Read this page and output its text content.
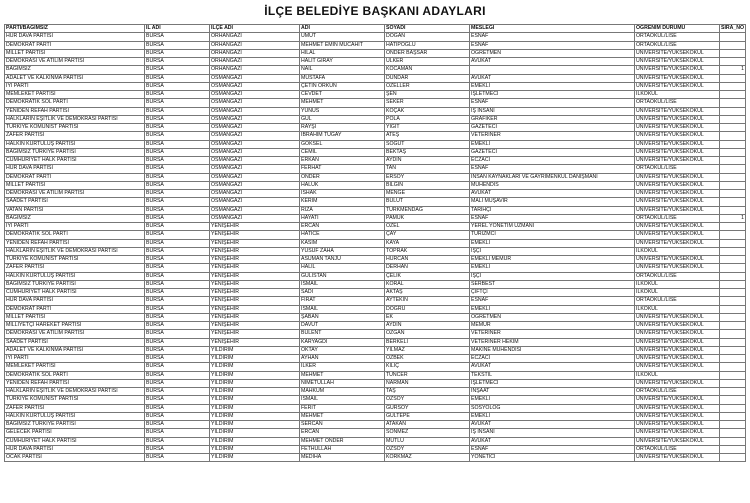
İLÇE BELEDİYE BAŞKANI ADAYLARI
PARTİ/BAĞIMSIZ	İL ADI	İLÇE ADI	ADI	SOYADI	MESLEĞİ	ÖĞRENİM DURUMU	SIRA_NO
HÜR DAVA PARTİSİ	BURSA	ORHANGAZİ	UMUT	DOĞAN	ESNAF	ORTAOKUL/LİSE	
DEMOKRAT PARTİ	BURSA	ORHANGAZİ	MEHMET EMİN MÜCAHİT	HATİPOĞLU	ESNAF	ORTAOKUL/LİSE	
MİLLET PARTİSİ	BURSA	ORHANGAZİ	HİLAL	ÖNDER BAŞSAR	ÖĞRETMEN	ÜNİVERSİTE/YÜKSEKOKUL	
DEMOKRASİ VE ATILIM PARTİSİ	BURSA	ORHANGAZİ	HALİT GİRAY	ÜLKER	AVUKAT	ÜNİVERSİTE/YÜKSEKOKUL	
BAĞIMSIZ	BURSA	ORHANGAZİ	NAİL	KOCAMAN		ÜNİVERSİTE/YÜKSEKOKUL	1
ADALET VE KALKINMA PARTİSİ	BURSA	OSMANGAZİ	MUSTAFA	DÜNDAR	AVUKAT	ÜNİVERSİTE/YÜKSEKOKUL	
İYİ PARTİ	BURSA	OSMANGAZİ	ÇETİN ORKUN	ÖZELLER	EMEKLİ	ÜNİVERSİTE/YÜKSEKOKUL	
MEMLEKET PARTİSİ	BURSA	OSMANGAZİ	CEVDET	ŞEN	İŞLETMECİ	İLKOKUL	
DEMOKRATİK SOL PARTİ	BURSA	OSMANGAZİ	MEHMET	SEKER	ESNAF	ORTAOKUL/LİSE	
YENİDEN REFAH PARTİSİ	BURSA	OSMANGAZİ	YUNUS	KOÇAK	İŞ İNSANI	ÜNİVERSİTE/YÜKSEKOKUL	
HALKLARIN EŞİTLİK VE DEMOKRASİ PARTİSİ	BURSA	OSMANGAZİ	GÜL	POLA	GRAFİKER	ÜNİVERSİTE/YÜKSEKOKUL	
TÜRKİYE KOMÜNİST PARTİSİ	BURSA	OSMANGAZİ	RAYŞİ	YİĞİT	GAZETECİ	ÜNİVERSİTE/YÜKSEKOKUL	
ZAFER PARTİSİ	BURSA	OSMANGAZİ	İBRAHİM TUGAY	ATEŞ	VETERİNER	ÜNİVERSİTE/YÜKSEKOKUL	
HALKIN KURTULUŞ PARTİSİ	BURSA	OSMANGAZİ	GÖKSEL	SÖĞÜT	EMEKLİ	ÜNİVERSİTE/YÜKSEKOKUL	
BAĞIMSIZ TÜRKİYE PARTİSİ	BURSA	OSMANGAZİ	CEMİL	BEKTAŞ	GAZETECİ	ÜNİVERSİTE/YÜKSEKOKUL	
CUMHURİYET HALK PARTİSİ	BURSA	OSMANGAZİ	ERKAN	AYDIN	ECZACI	ÜNİVERSİTE/YÜKSEKOKUL	
HÜR DAVA PARTİSİ	BURSA	OSMANGAZİ	FERHAT	TAN	ESNAF	ORTAOKUL/LİSE	
DEMOKRAT PARTİ	BURSA	OSMANGAZİ	ÖNDER	ERSOY	İNSAN KAYNAKLARI VE GAYRİMENKUL DANIŞMANI	ÜNİVERSİTE/YÜKSEKOKUL	
MİLLET PARTİSİ	BURSA	OSMANGAZİ	HALUK	BİLGİN	MÜHENDİS	ÜNİVERSİTE/YÜKSEKOKUL	
DEMOKRASİ VE ATILIM PARTİSİ	BURSA	OSMANGAZİ	İSHAK	MENGE	AVUKAT	ÜNİVERSİTE/YÜKSEKOKUL	
SAADET PARTİSİ	BURSA	OSMANGAZİ	KERİM	BULUT	MALİ MÜŞAVİR	ÜNİVERSİTE/YÜKSEKOKUL	
VATAN PARTİSİ	BURSA	OSMANGAZİ	RIZA	TÜRKMENDAĞ	TARİHÇİ	ÜNİVERSİTE/YÜKSEKOKUL	
BAĞIMSIZ	BURSA	OSMANGAZİ	HAYATİ	PAMUK	ESNAF	ORTAOKUL/LİSE	1
İYİ PARTİ	BURSA	YENİŞEHİR	ERCAN	ÖZEL	YEREL YÖNETİM UZMANI	ÜNİVERSİTE/YÜKSEKOKUL	
DEMOKRATİK SOL PARTİ	BURSA	YENİŞEHİR	HATİCE	ÇAY	TURİZMCİ	ÜNİVERSİTE/YÜKSEKOKUL	
YENİDEN REFAH PARTİSİ	BURSA	YENİŞEHİR	KASIM	KAYA	EMEKLİ	ÜNİVERSİTE/YÜKSEKOKUL	
HALKLARIN EŞİTLİK VE DEMOKRASİ PARTİSİ	BURSA	YENİŞEHİR	YUSUF ZAHA	TOPRAK	İŞÇİ	İLKOKUL	
TÜRKİYE KOMÜNİST PARTİSİ	BURSA	YENİŞEHİR	ASUMAN TANJU	HÜRCAN	EMEKLİ MEMUR	ÜNİVERSİTE/YÜKSEKOKUL	
ZAFER PARTİSİ	BURSA	YENİŞEHİR	HALİL	DERHAN	EMEKLİ	ÜNİVERSİTE/YÜKSEKOKUL	
HALKIN KURTULUŞ PARTİSİ	BURSA	YENİŞEHİR	GÜLİSTAN	ÇELİK	İŞÇİ	ORTAOKUL/LİSE	
BAĞIMSIZ TÜRKİYE PARTİSİ	BURSA	YENİŞEHİR	İSMAİL	KORAL	SERBEST	İLKOKUL	
CUMHURİYET HALK PARTİSİ	BURSA	YENİŞEHİR	SADİ	AKTAŞ	ÇİFTÇİ	İLKOKUL	
HÜR DAVA PARTİSİ	BURSA	YENİŞEHİR	FIRAT	AYTEKİN	ESNAF	ORTAOKUL/LİSE	
DEMOKRAT PARTİ	BURSA	YENİŞEHİR	İSMAİL	DOĞRU	EMEKLİ	İLKOKUL	
MİLLET PARTİSİ	BURSA	YENİŞEHİR	ŞABAN	EK	ÖĞRETMEN	ÜNİVERSİTE/YÜKSEKOKUL	
MİLLİYETÇİ HAREKET PARTİSİ	BURSA	YENİŞEHİR	DAVUT	AYDIN	MEMUR	ÜNİVERSİTE/YÜKSEKOKUL	
DEMOKRASİ VE ATILIM PARTİSİ	BURSA	YENİŞEHİR	BÜLENT	ÖZGAN	VETERİNER	ÜNİVERSİTE/YÜKSEKOKUL	
SAADET PARTİSİ	BURSA	YENİŞEHİR	KARYAĞDI	BERKELİ	VETERİNER HEKİM	ÜNİVERSİTE/YÜKSEKOKUL	
ADALET VE KALKINMA PARTİSİ	BURSA	YILDIRIM	OKTAY	YILMAZ	MAKİNE MÜHENDİSİ	ÜNİVERSİTE/YÜKSEKOKUL	
İYİ PARTİ	BURSA	YILDIRIM	AYHAN	ÖZBEK	ECZACI	ÜNİVERSİTE/YÜKSEKOKUL	
MEMLEKET PARTİSİ	BURSA	YILDIRIM	İLKER	KILIÇ	AVUKAT	ÜNİVERSİTE/YÜKSEKOKUL	
DEMOKRATİK SOL PARTİ	BURSA	YILDIRIM	MEHMET	TUNCER	TEKSTİL	İLKOKUL	
YENİDEN REFAH PARTİSİ	BURSA	YILDIRIM	NİMETULLAH	NARMAN	İŞLETMECİ	ÜNİVERSİTE/YÜKSEKOKUL	
HALKLARIN EŞİTLİK VE DEMOKRASİ PARTİSİ	BURSA	YILDIRIM	MAHKUM	TAŞ	İNŞAAT	ORTAOKUL/LİSE	
TÜRKİYE KOMÜNİST PARTİSİ	BURSA	YILDIRIM	İSMAİL	ÖZSOY	EMEKLİ	ÜNİVERSİTE/YÜKSEKOKUL	
ZAFER PARTİSİ	BURSA	YILDIRIM	FERİT	GÜRSOY	SOSYOLOG	ÜNİVERSİTE/YÜKSEKOKUL	
HALKIN KURTULUŞ PARTİSİ	BURSA	YILDIRIM	MEHMET	GÜLTEPE	EMEKLİ	ÜNİVERSİTE/YÜKSEKOKUL	
BAĞIMSIZ TÜRKİYE PARTİSİ	BURSA	YILDIRIM	SERCAN	ATAKAN	AVUKAT	ÜNİVERSİTE/YÜKSEKOKUL	
GELECEK PARTİSİ	BURSA	YILDIRIM	ERCAN	SÖNMEZ	İŞ İNSANI	ÜNİVERSİTE/YÜKSEKOKUL	
CUMHURİYET HALK PARTİSİ	BURSA	YILDIRIM	MEHMET ÖNDER	MUTLU	AVUKAT	ÜNİVERSİTE/YÜKSEKOKUL	
HÜR DAVA PARTİSİ	BURSA	YILDIRIM	FETHULLAH	ÖZSOY	ESNAF	ORTAOKUL/LİSE	
OCAK PARTİSİ	BURSA	YILDIRIM	MEDİHA	KORKMAZ	YÖNETİCİ	ÜNİVERSİTE/YÜKSEKOKUL	
